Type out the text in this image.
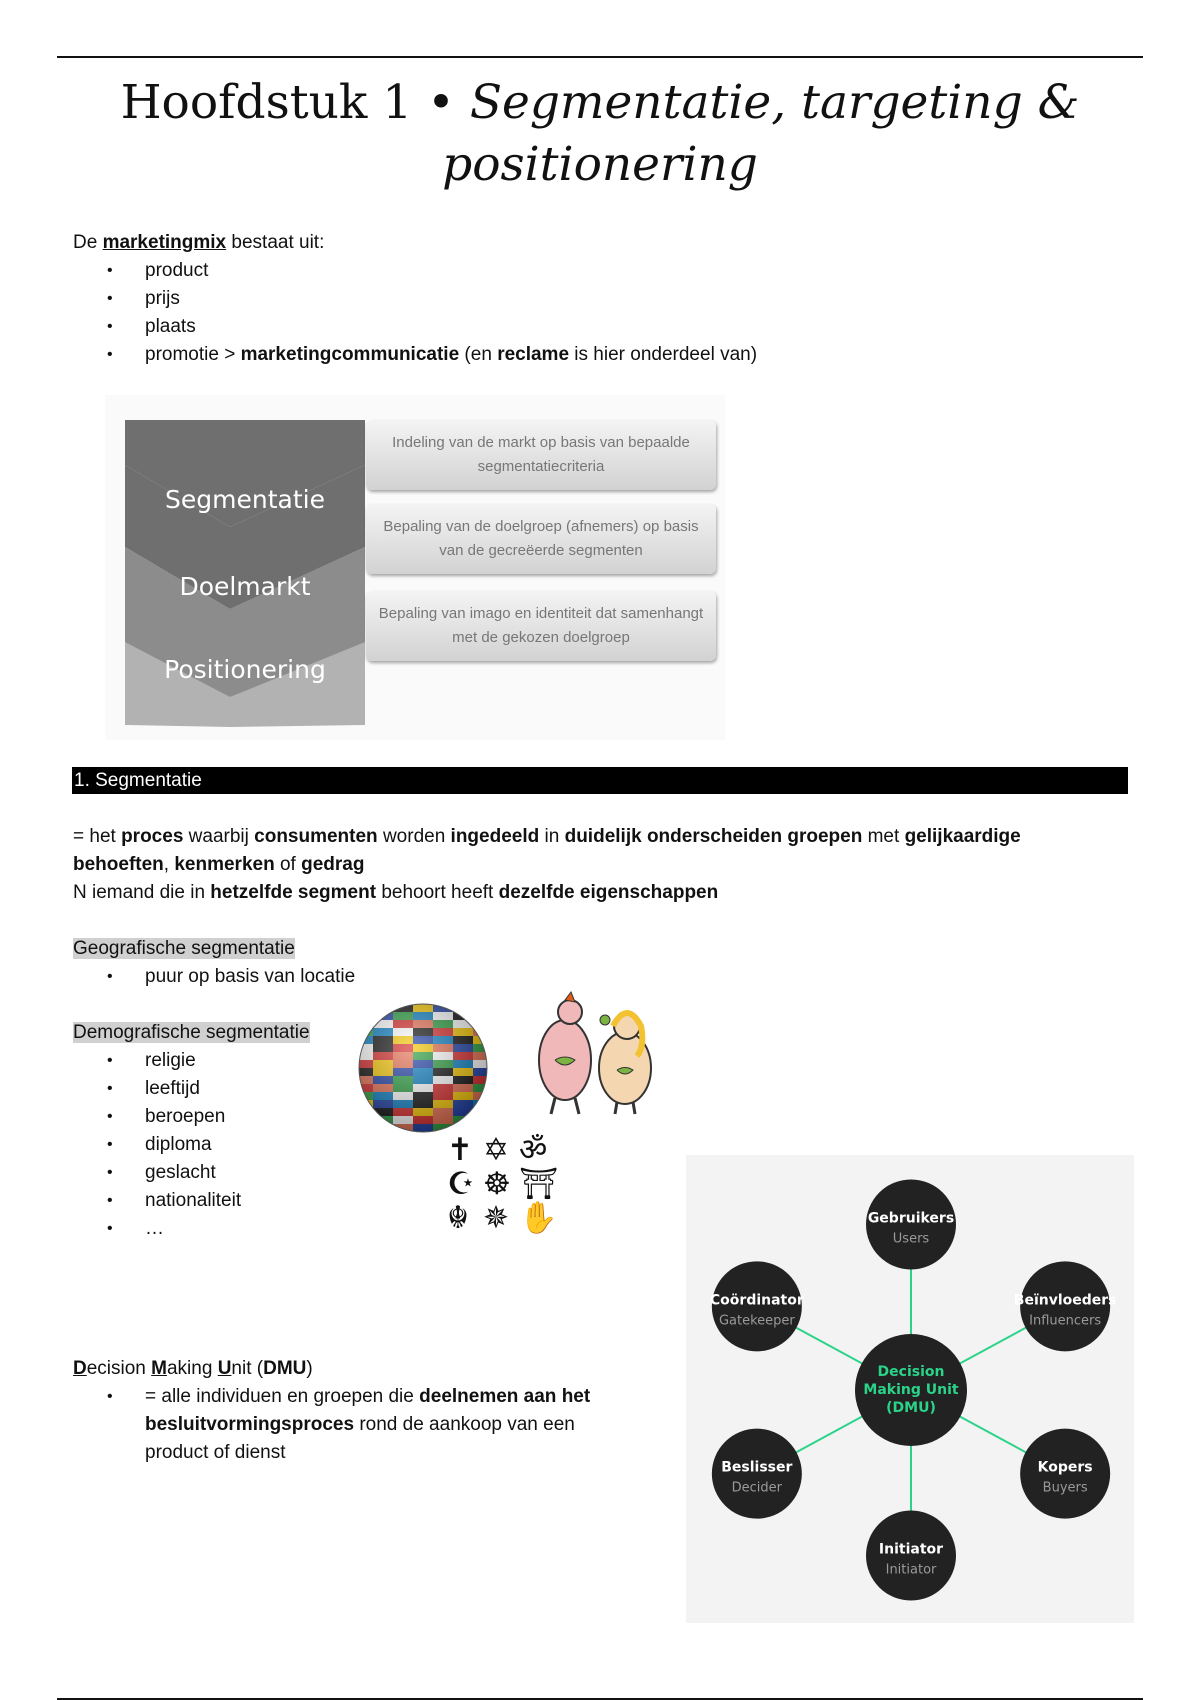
Hoofdstuk 1 • Segmentatie, targeting &
positionering
De marketingmix bestaat uit:
• product
• prijs
• plaats
• promotie > marketingcommunicatie (en reclame is hier onderdeel van)
Segmentatie
Doelmarkt
Positionering
Indeling van de markt op basis van bepaalde segmentatiecriteria
Bepaling van de doelgroep (afnemers) op basis van de gecreëerde segmenten
Bepaling van imago en identiteit dat samenhangt met de gekozen doelgroep
1. Segmentatie
= het proces waarbij consumenten worden ingedeeld in duidelijk onderscheiden groepen met gelijkaardige
behoeften, kenmerken of gedrag
N iemand die in hetzelfde segment behoort heeft dezelfde eigenschappen
Geografische segmentatie
• puur op basis van locatie
Demografische segmentatie
• religie
• leeftijd
• beroepen
• diploma
• geslacht
• nationaliteit
• …
✝ ✡ ॐ
☪ ☸ ⛩
☬ ✵ ✋
Decision Making Unit (DMU)
• = alle individuen en groepen die deelnemen aan het
besluitvormingsproces rond de aankoop van een
product of dienst
Gebruikers
Users
Beïnvloeders
Influencers
Kopers
Buyers
Initiator
Initiator
Beslisser
Decider
Coördinator
Gatekeeper
Decision
Making Unit
(DMU)
